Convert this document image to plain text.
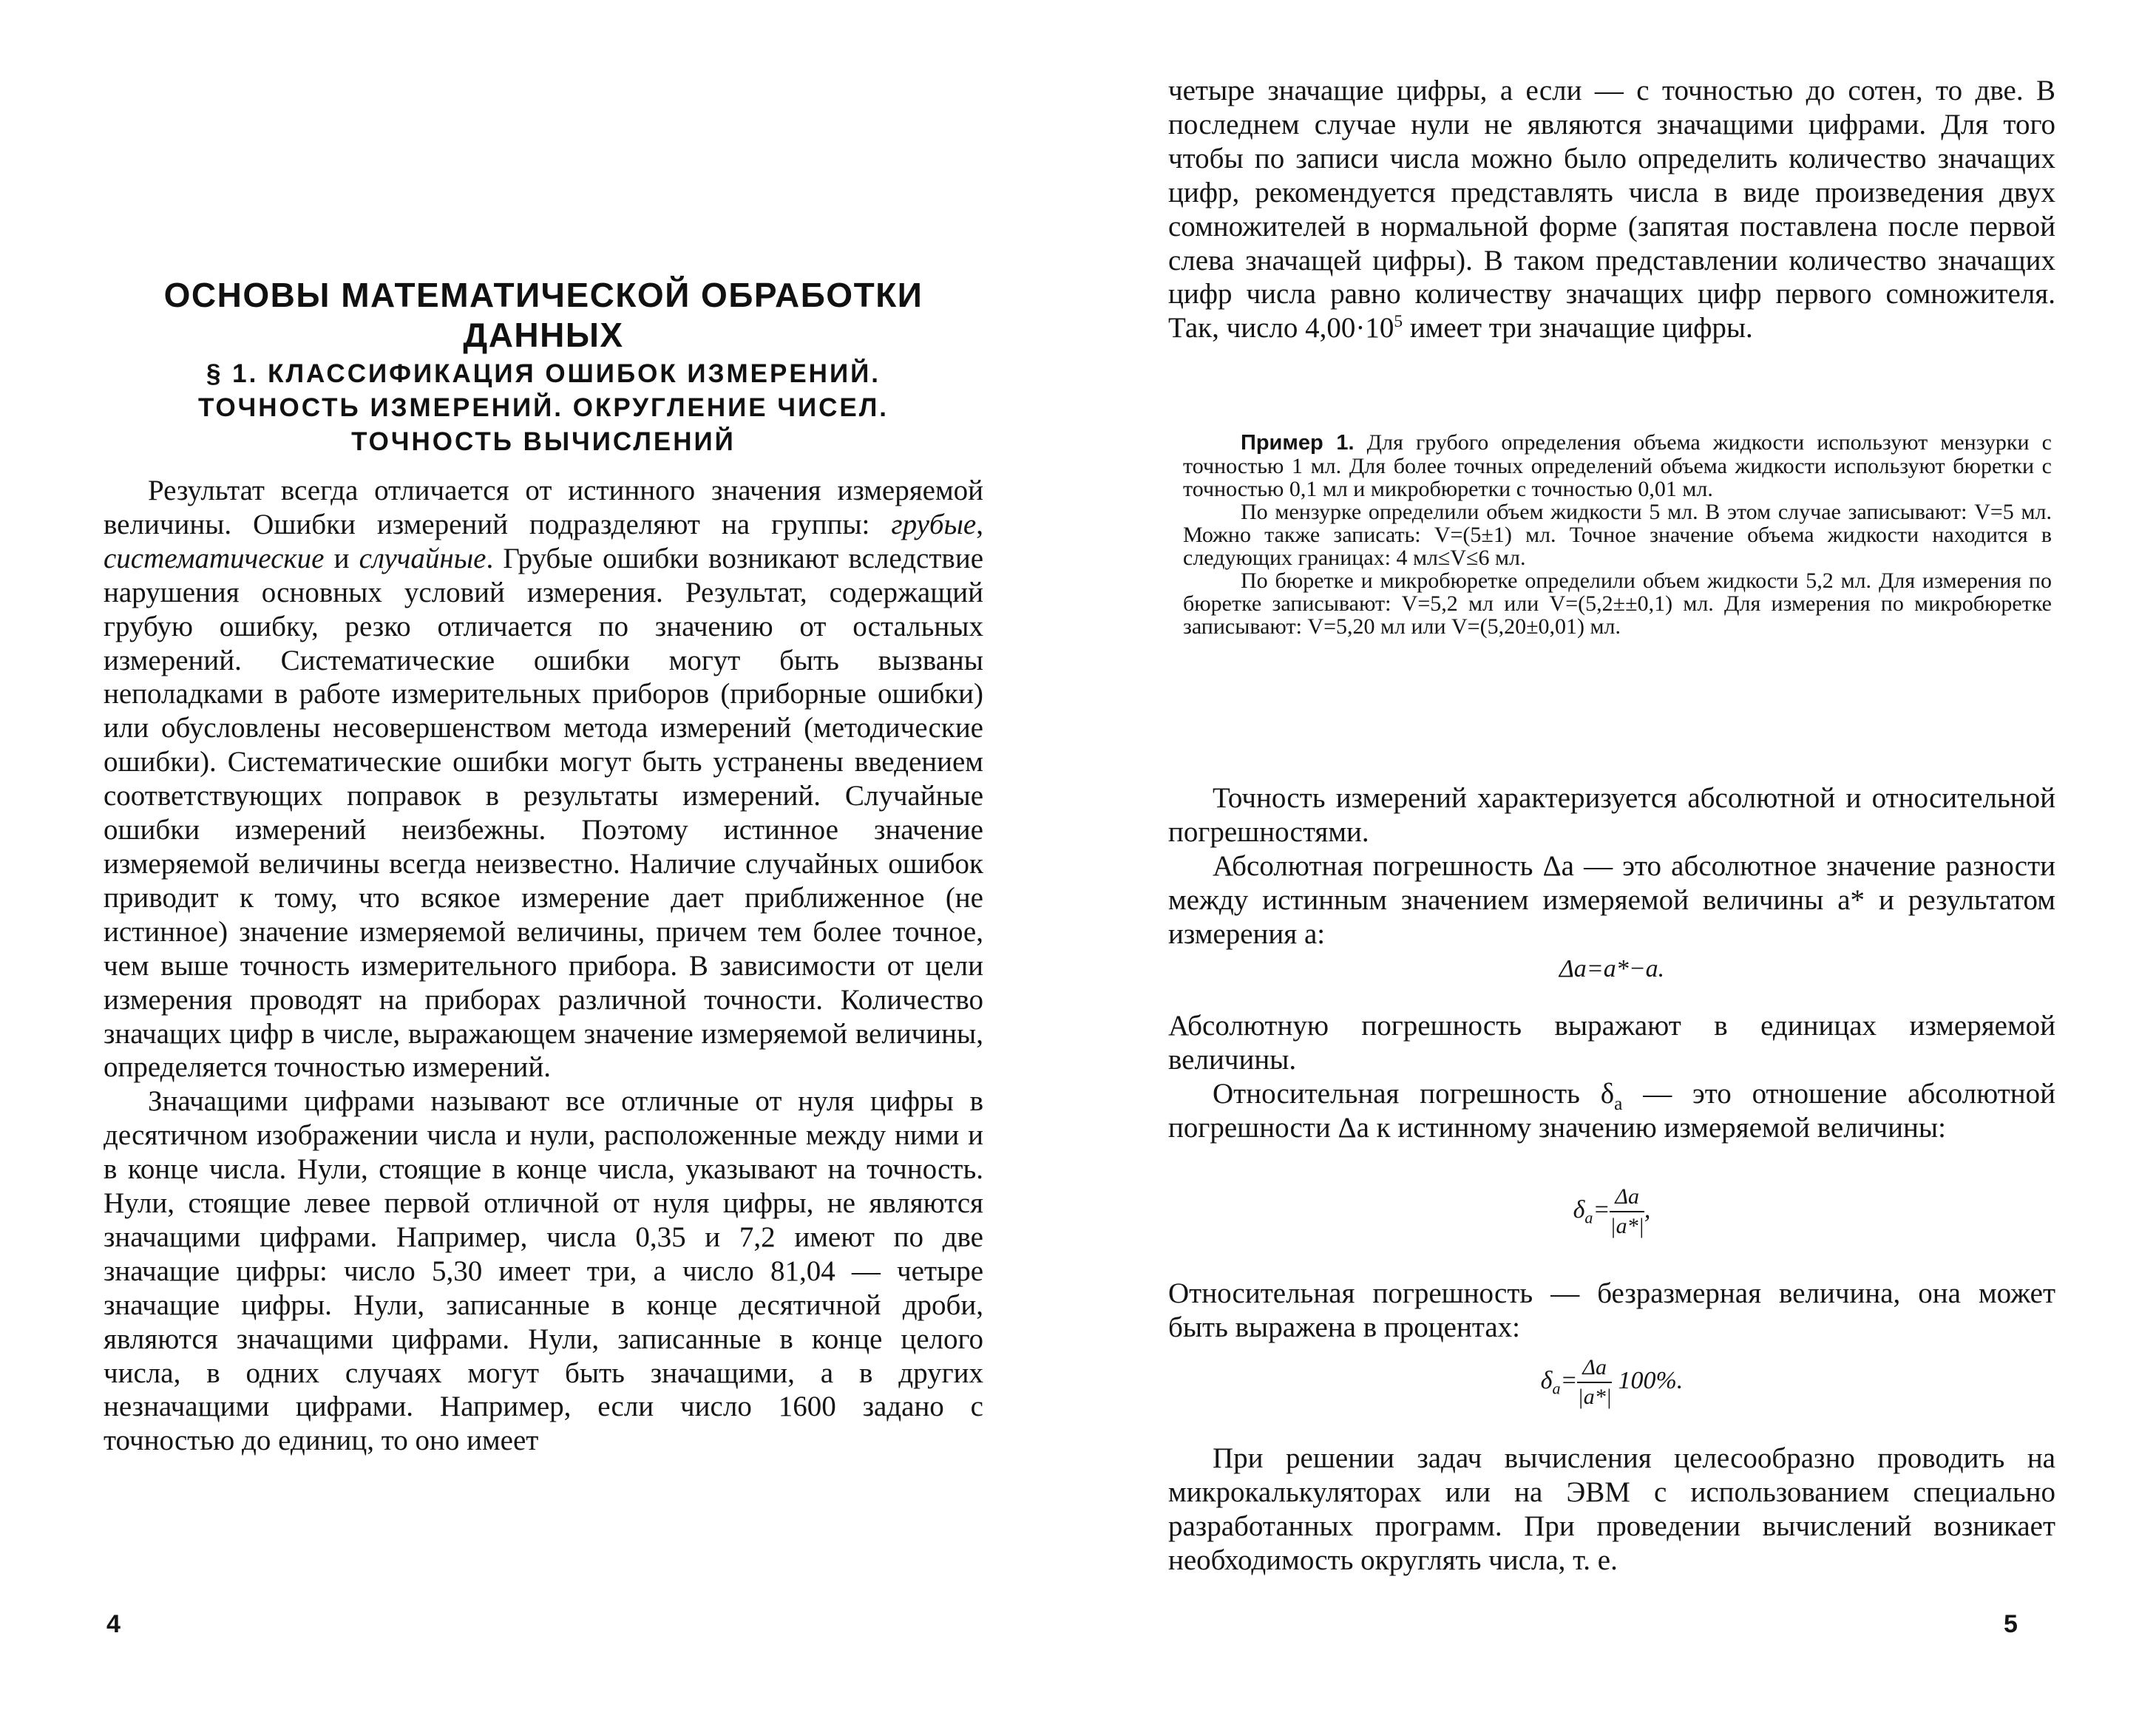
ОСНОВЫ МАТЕМАТИЧЕСКОЙ ОБРАБОТКИ ДАННЫХ
§ 1. КЛАССИФИКАЦИЯ ОШИБОК ИЗМЕРЕНИЙ.
ТОЧНОСТЬ ИЗМЕРЕНИЙ. ОКРУГЛЕНИЕ ЧИСЕЛ.
ТОЧНОСТЬ ВЫЧИСЛЕНИЙ

Результат всегда отличается от истинного значения измеряемой величины. Ошибки измерений подразделяют на группы: грубые, систематические и случайные. Грубые ошибки возникают вследствие нарушения основных условий измерения. Результат, содержащий грубую ошибку, резко отличается по значению от остальных измерений. Систематические ошибки могут быть вызваны неполадками в работе измерительных приборов (приборные ошибки) или обусловлены несовершенством метода измерений (методические ошибки). Систематические ошибки могут быть устранены введением соответствующих поправок в результаты измерений. Случайные ошибки измерений неизбежны. Поэтому истинное значение измеряемой величины всегда неизвестно. Наличие случайных ошибок приводит к тому, что всякое измерение дает приближенное (не истинное) значение измеряемой величины, причем тем более точное, чем выше точность измерительного прибора. В зависимости от цели измерения проводят на приборах различной точности. Количество значащих цифр в числе, выражающем значение измеряемой величины, определяется точностью измерений.

Значащими цифрами называют все отличные от нуля цифры в десятичном изображении числа и нули, расположенные между ними и в конце числа. Нули, стоящие в конце числа, указывают на точность. Нули, стоящие левее первой отличной от нуля цифры, не являются значащими цифрами. Например, числа 0,35 и 7,2 имеют по две значащие цифры: число 5,30 имеет три, а число 81,04 — четыре значащие цифры. Нули, записанные в конце десятичной дроби, являются значащими цифрами. Нули, записанные в конце целого числа, в одних случаях могут быть значащими, а в других незначащими цифрами. Например, если число 1600 задано с точностью до единиц, то оно имеет

4

четыре значащие цифры, а если — с точностью до сотен, то две. В последнем случае нули не являются значащими цифрами. Для того чтобы по записи числа можно было определить количество значащих цифр, рекомендуется представлять числа в виде произведения двух сомножителей в нормальной форме (запятая поставлена после первой слева значащей цифры). В таком представлении количество значащих цифр числа равно количеству значащих цифр первого сомножителя. Так, число $4,00\cdot 10^5$ имеет три значащие цифры.

Пример 1. Для грубого определения объема жидкости используют мензурки с точностью 1 мл. Для более точных определений объема жидкости используют бюретки с точностью 0,1 мл и микробюретки с точностью 0,01 мл.

По мензурке определили объем жидкости 5 мл. В этом случае записывают: V=5 мл. Можно также записать: V=(5±1) мл. Точное значение объема жидкости находится в следующих границах: 4 мл≤V≤6 мл.

По бюретке и микробюретке определили объем жидкости 5,2 мл. Для измерения по бюретке записывают: V=5,2 мл или V=(5,2±±0,1) мл. Для измерения по микробюретке записывают: V=5,20 мл или V=(5,20±0,01) мл.

Точность измерений характеризуется абсолютной и относительной погрешностями.

Абсолютная погрешность Δa — это абсолютное значение разности между истинным значением измеряемой величины a* и результатом измерения a:

Δa=a*−a.

Абсолютную погрешность выражают в единицах измеряемой величины.

Относительная погрешность $\delta_a$ — это отношение абсолютной погрешности Δa к истинному значению измеряемой величины:

$\delta_a= \frac{\Delta a}{|a*|}$ ,

Относительная погрешность — безразмерная величина, она может быть выражена в процентах:

$\delta_a= \frac{\Delta a}{|a*|} 100\%$.

При решении задач вычисления целесообразно проводить на микрокалькуляторах или на ЭВМ с использованием специально разработанных программ. При проведении вычислений возникает необходимость округлять числа, т. е.

5
